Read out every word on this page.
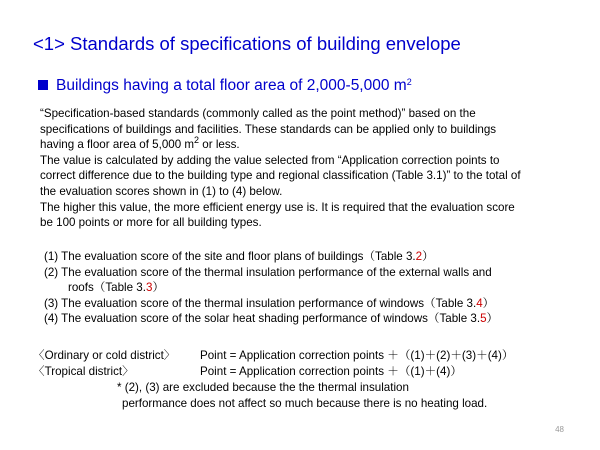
<1> Standards of specifications of building envelope
Buildings having a total floor area of 2,000-5,000 $m^2$
“Specification-based standards (commonly called as the point method)” based on the
specifications of buildings and facilities. These standards can be applied only to buildings
having a floor area of 5,000 $m^2$ or less.
The value is calculated by adding the value selected from “Application correction points to
correct difference due to the building type and regional classification (Table 3.1)” to the total of
the evaluation scores shown in (1) to (4) below.
The higher this value, the more efficient energy use is. It is required that the evaluation score
be 100 points or more for all building types.
(1) The evaluation score of the site and floor plans of buildings（Table 3.2）
(2) The evaluation score of the thermal insulation performance of the external walls and
roofs（Table 3.3）
(3) The evaluation score of the thermal insulation performance of windows（Table 3.4）
(4) The evaluation score of the solar heat shading performance of windows（Table 3.5）
〈Ordinary or cold district〉 Point = Application correction points ＋（(1)＋(2)＋(3)＋(4)）
〈Tropical district〉	Point = Application correction points ＋（(1)＋(4)）
* (2), (3) are excluded because the the thermal insulation
performance does not affect so much because there is no heating load.
48
